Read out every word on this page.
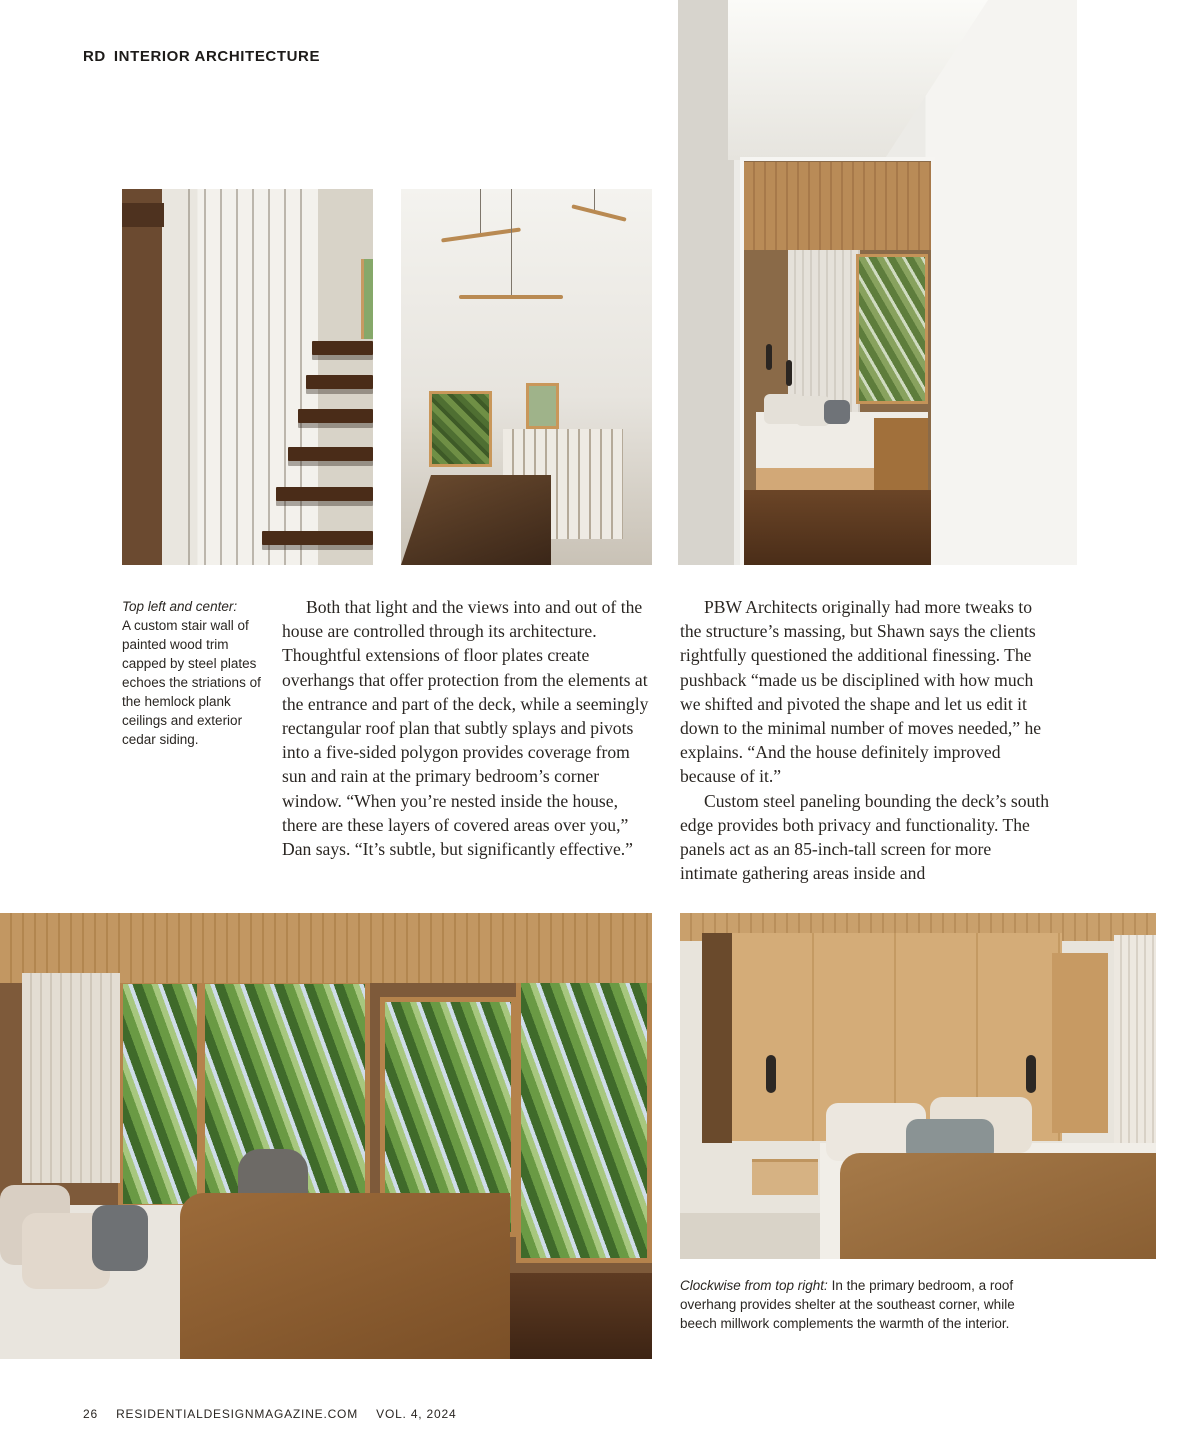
RD INTERIOR ARCHITECTURE
Top left and center:
A custom stair wall of painted wood trim capped by steel plates echoes the striations of the hemlock plank ceilings and exterior cedar siding.

Both that light and the views into and out of the house are controlled through its architecture. Thoughtful extensions of floor plates create overhangs that offer protection from the elements at the entrance and part of the deck, while a seemingly rectangular roof plan that subtly splays and pivots into a five-sided polygon provides coverage from sun and rain at the primary bedroom’s corner window. “When you’re nested inside the house, there are these layers of covered areas over you,” Dan says. “It’s subtle, but significantly effective.”

PBW Architects originally had more tweaks to the structure’s massing, but Shawn says the clients rightfully questioned the additional finessing. The pushback “made us be disciplined with how much we shifted and pivoted the shape and let us edit it down to the minimal number of moves needed,” he explains. “And the house definitely improved because of it.”

Custom steel paneling bounding the deck’s south edge provides both privacy and functionality. The panels act as an 85-inch-tall screen for more intimate gathering areas inside and

Clockwise from top right: In the primary bedroom, a roof overhang provides shelter at the southeast corner, while beech millwork complements the warmth of the interior.
26 RESIDENTIALDESIGNMAGAZINE.COM VOL. 4, 2024
